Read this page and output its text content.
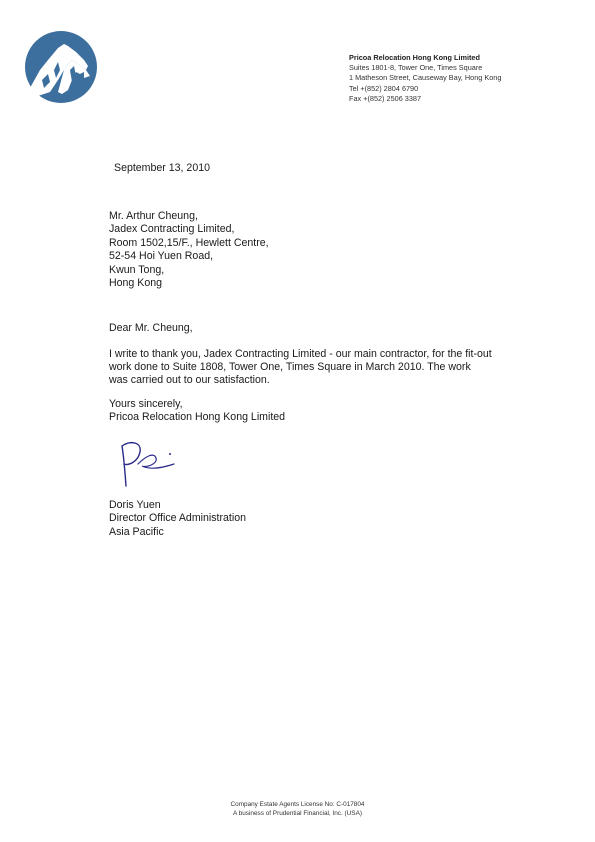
Pricoa Relocation Hong Kong Limited
Suites 1801-8, Tower One, Times Square
1 Matheson Street, Causeway Bay, Hong Kong
Tel +(852) 2804 6790
Fax +(852) 2506 3387
September 13, 2010
Mr. Arthur Cheung,
Jadex Contracting Limited,
Room 1502,15/F., Hewlett Centre,
52-54 Hoi Yuen Road,
Kwun Tong,
Hong Kong
Dear Mr. Cheung,
I write to thank you, Jadex Contracting Limited - our main contractor, for the fit-out
work done to Suite 1808, Tower One, Times Square in March 2010. The work
was carried out to our satisfaction.
Yours sincerely,
Pricoa Relocation Hong Kong Limited
Doris Yuen
Director Office Administration
Asia Pacific
Company Estate Agents License No: C-017804
A business of Prudential Financial, Inc. (USA)
